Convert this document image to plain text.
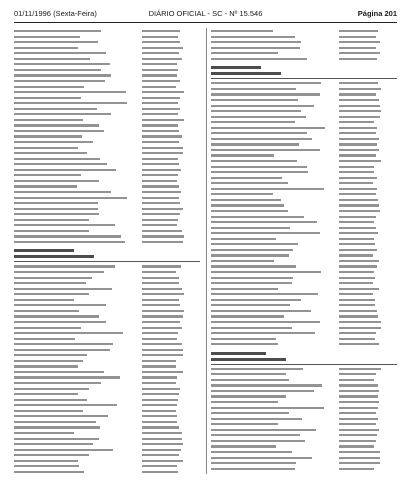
01/11/1996 (Sexta-Feira)	DIÁRIO OFICIAL - SC - Nº 15.546	Página 201
